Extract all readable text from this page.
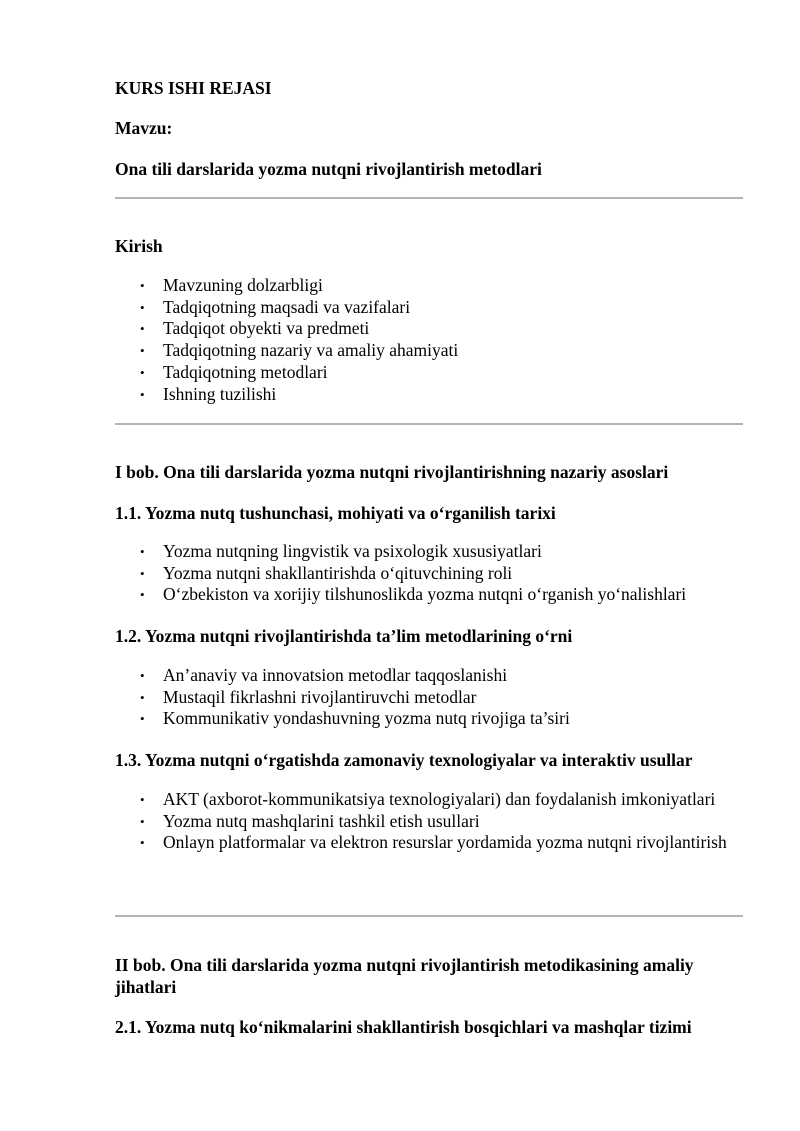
KURS ISHI REJASI
Mavzu:
Ona tili darslarida yozma nutqni rivojlantirish metodlari
Kirish
• Mavzuning dolzarbligi
• Tadqiqotning maqsadi va vazifalari
• Tadqiqot obyekti va predmeti
• Tadqiqotning nazariy va amaliy ahamiyati
• Tadqiqotning metodlari
• Ishning tuzilishi
I bob. Ona tili darslarida yozma nutqni rivojlantirishning nazariy asoslari
1.1. Yozma nutq tushunchasi, mohiyati va o‘rganilish tarixi
• Yozma nutqning lingvistik va psixologik xususiyatlari
• Yozma nutqni shakllantirishda o‘qituvchining roli
• O‘zbekiston va xorijiy tilshunoslikda yozma nutqni o‘rganish yo‘nalishlari
1.2. Yozma nutqni rivojlantirishda ta’lim metodlarining o‘rni
• An’anaviy va innovatsion metodlar taqqoslanishi
• Mustaqil fikrlashni rivojlantiruvchi metodlar
• Kommunikativ yondashuvning yozma nutq rivojiga ta’siri
1.3. Yozma nutqni o‘rgatishda zamonaviy texnologiyalar va interaktiv usullar
• AKT (axborot-kommunikatsiya texnologiyalari) dan foydalanish imkoniyatlari
• Yozma nutq mashqlarini tashkil etish usullari
• Onlayn platformalar va elektron resurslar yordamida yozma nutqni rivojlantirish
II bob. Ona tili darslarida yozma nutqni rivojlantirish metodikasining amaliy jihatlari
2.1. Yozma nutq ko‘nikmalarini shakllantirish bosqichlari va mashqlar tizimi
